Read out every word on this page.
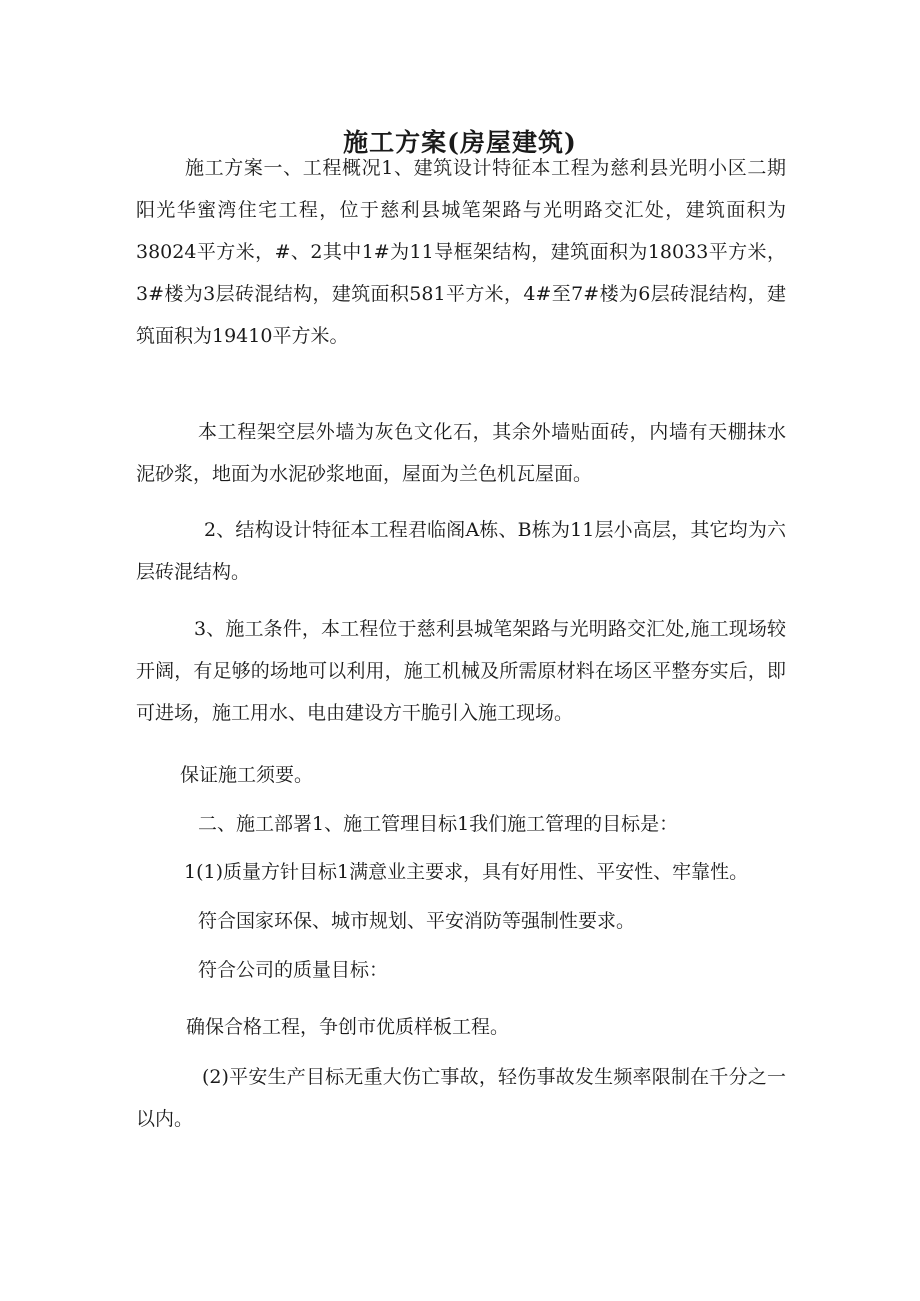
施工方案(房屋建筑)

施工方案一、工程概况1、建筑设计特征本工程为慈利县光明小区二期阳光华蜜湾住宅工程，位于慈利县城笔架路与光明路交汇处，建筑面积为38024平方米，#、2其中1#为11导框架结构，建筑面积为18033平方米，3#楼为3层砖混结构，建筑面积581平方米，4#至7#楼为6层砖混结构，建筑面积为19410平方米。

本工程架空层外墙为灰色文化石，其余外墙贴面砖，内墙有天棚抹水泥砂浆，地面为水泥砂浆地面，屋面为兰色机瓦屋面。

2、结构设计特征本工程君临阁A栋、B栋为11层小高层，其它均为六层砖混结构。

3、施工条件，本工程位于慈利县城笔架路与光明路交汇处,施工现场较开阔，有足够的场地可以利用，施工机械及所需原材料在场区平整夯实后，即可进场，施工用水、电由建设方干脆引入施工现场。

保证施工须要。

二、施工部署1、施工管理目标1我们施工管理的目标是：

1(1)质量方针目标1满意业主要求，具有好用性、平安性、牢靠性。

符合国家环保、城市规划、平安消防等强制性要求。

符合公司的质量目标：

确保合格工程，争创市优质样板工程。

(2)平安生产目标无重大伤亡事故，轻伤事故发生频率限制在千分之一以内。
